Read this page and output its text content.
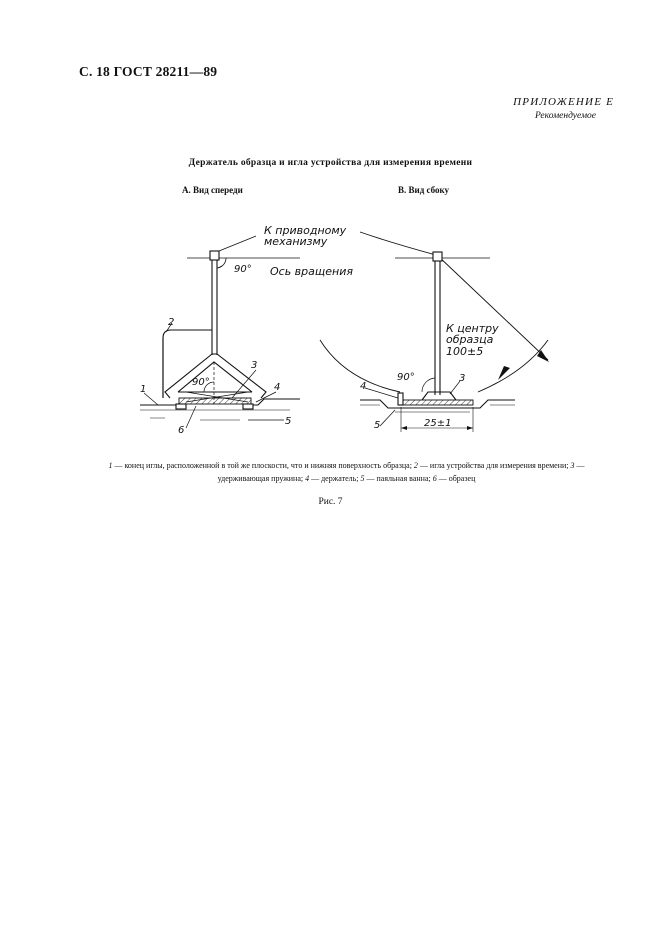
С. 18 ГОСТ 28211—89
ПРИЛОЖЕНИЕ Е
Рекомендуемое
Держатель образца и игла устройства для измерения времени
А. Вид спереди	В. Вид сбоку
К приводному
механизму
90° Ось вращения
90°
1
2
3
4
5
6
К центру
образца
100±5
90°
25±1
3
4
5
1 — конец иглы, расположенной в той же плоскости, что и нижняя поверхность образца; 2 — игла устройства для измерения времени; 3 — удерживающая пружина; 4 — держатель; 5 — паяльная ванна; 6 — образец
Рис. 7
